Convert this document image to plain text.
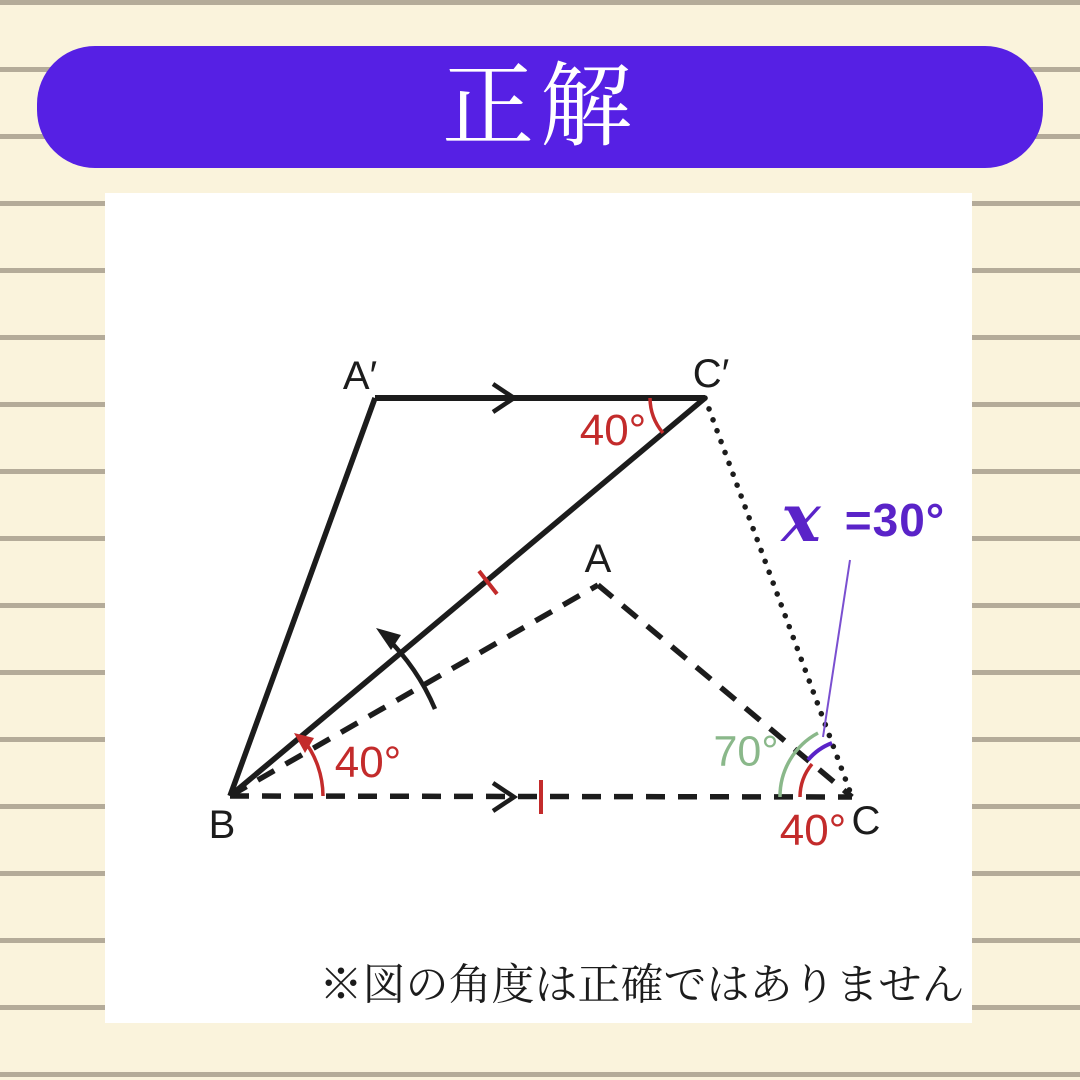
正解
A′	C′
A
B	C
40°
40°	70°
40°
x =30°
※図の角度は正確ではありません
